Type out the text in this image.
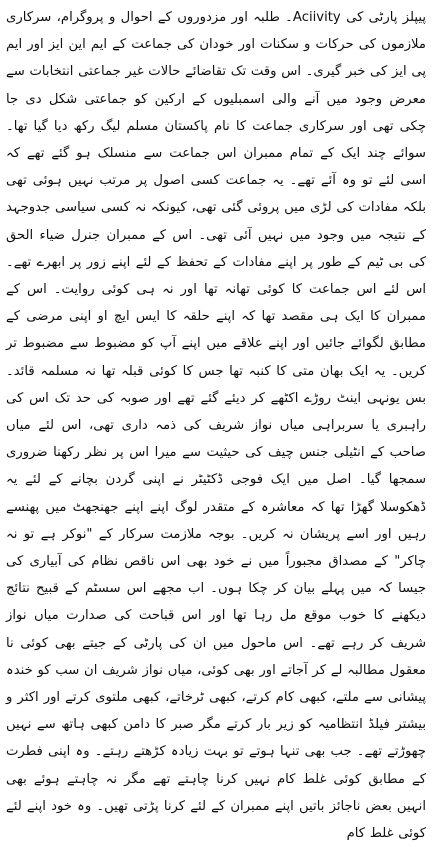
پیپلز پارٹی کی Aciivity۔ طلبہ اور مزدوروں کے احوال و پروگرام، سرکاری ملازموں کی حرکات و سکنات اور خودان کی جماعت کے ایم این ایز اور ایم پی ایز کی خبر گیری۔ اس وقت تک تقاضائے حالات غیر جماعتی انتخابات سے معرض وجود میں آنے والی اسمبلیوں کے ارکین کو جماعتی شکل دی جا چکی تھی اور سرکاری جماعت کا نام پاکستان مسلم لیگ رکھ دیا گیا تھا۔ سوائے چند ایک کے تمام ممبران اس جماعت سے منسلک ہو گئے تھے کہ اسی لئے تو وہ آئے تھے۔ یہ جماعت کسی اصول پر مرتب نہیں ہوئی تھی بلکہ مفادات کی لڑی میں پروئی گئی تھی، کیونکہ نہ کسی سیاسی جدوجہد کے نتیجہ میں وجود میں نہیں آئی تھی۔ اس کے ممبران جنرل ضیاء الحق کی بی ٹیم کے طور پر اپنے مفادات کے تحفظ کے لئے اپنے زور پر ابھرے تھے۔ اس لئے اس جماعت کا کوئی تھانہ تھا اور نہ ہی کوئی روایت۔ اس کے ممبران کا ایک ہی مقصد تھا کہ اپنے حلقہ کا ایس ایچ او اپنی مرضی کے مطابق لگوائے جائیں اور اپنے علاقے میں اپنے آپ کو مضبوط سے مضبوط تر کریں۔ یہ ایک بھان متی کا کنبہ تھا جس کا کوئی قبلہ تھا نہ مسلمہ قائد۔ بس یونہی اینٹ روڑے اکٹھے کر دیئے گئے تھے اور صوبہ کی حد تک اس کی راہبری یا سربراہی میاں نواز شریف کی ذمہ داری تھی، اس لئے میاں صاحب کے انٹیلی جنس چیف کی حیثیت سے میرا اس پر نظر رکھنا ضروری سمجھا گیا۔ اصل میں ایک فوجی ڈکٹیٹر نے اپنی گردن بچانے کے لئے یہ ڈھکوسلا گھڑا تھا کہ معاشرہ کے متقدر لوگ اپنے اپنے جھنجھٹ میں پھنسے رہیں اور اسے پریشان نہ کریں۔ بوجہ ملازمت سرکار کے "نوکر ہے تو نہ چاکر" کے مصداق مجبوراً میں نے خود بھی اس ناقص نظام کی آبیاری کی جیسا کہ میں پہلے بیان کر چکا ہوں۔ اب مجھے اس سسٹم کے قبیح نتائج دیکھنے کا خوب موقع مل رہا تھا اور اس قباحت کی صدارت میاں نواز شریف کر رہے تھے۔ اس ماحول میں ان کی پارٹی کے جیتے بھی کوئی نا معقول مطالبہ لے کر آجاتے اور بھی کوئی، میاں نواز شریف ان سب کو خندہ پیشانی سے ملتے، کبھی کام کرتے، کبھی ٹرخاتے، کبھی ملتوی کرتے اور اکثر و بیشتر فیلڈ انتظامیہ کو زیر بار کرتے مگر صبر کا دامن کبھی ہاتھ سے نہیں چھوڑتے تھے۔ جب بھی تنہا ہوتے تو بہت زیادہ کڑھتے رہتے۔ وہ اپنی فطرت کے مطابق کوئی غلط کام نہیں کرنا چاہتے تھے مگر نہ چاہتے ہوئے بھی انہیں بعض ناجائز باتیں اپنے ممبران کے لئے کرنا پڑتی تھیں۔ وہ خود اپنے لئے کوئی غلط کام
